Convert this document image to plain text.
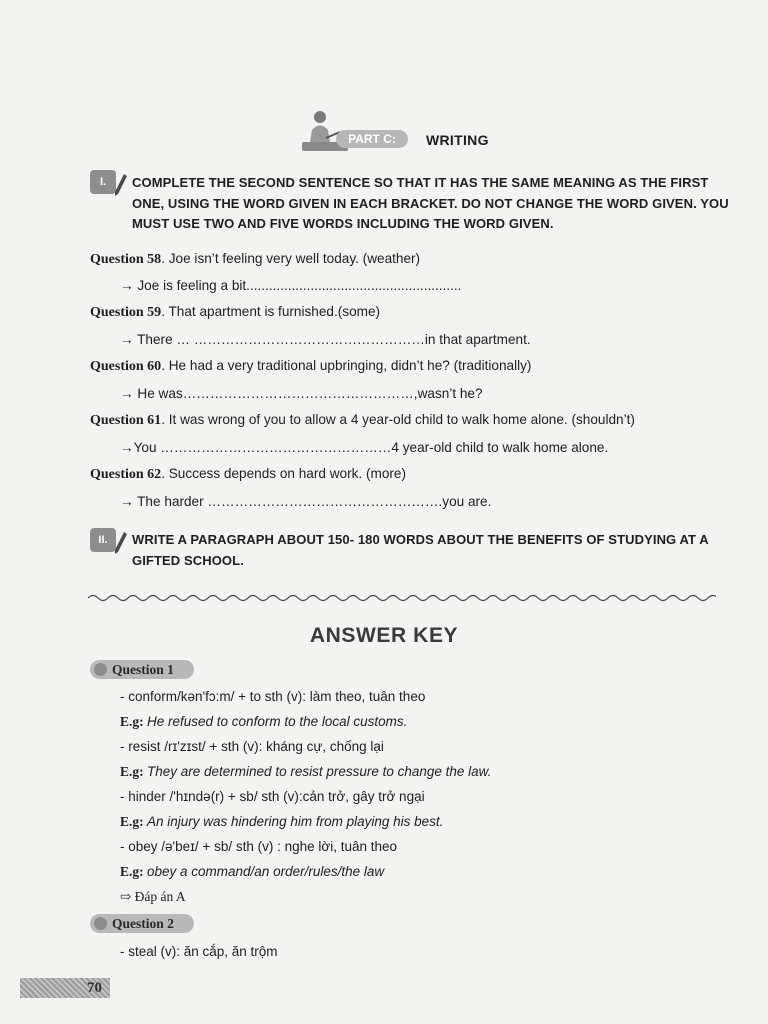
PART C:	WRITING
I.	COMPLETE THE SECOND SENTENCE SO THAT IT HAS THE SAME MEANING AS THE FIRST
ONE, USING THE WORD GIVEN IN EACH BRACKET. DO NOT CHANGE THE WORD GIVEN. YOU
MUST USE TWO AND FIVE WORDS INCLUDING THE WORD GIVEN.
Question 58. Joe isn’t feeling very well today. (weather)
→ Joe is feeling a bit.........................................................
Question 59. That apartment is furnished.(some)
→ There … ……………………………………………in that apartment.
Question 60. He had a very traditional upbringing, didn’t he? (traditionally)
→ He was……………………………………………,wasn’t he?
Question 61. It was wrong of you to allow a 4 year-old child to walk home alone. (shouldn’t)
→You ……………………………………………4 year-old child to walk home alone.
Question 62. Success depends on hard work. (more)
→ The harder …………………………………………….you are.
II.	WRITE A PARAGRAPH ABOUT 150- 180 WORDS ABOUT THE BENEFITS OF STUDYING AT A
GIFTED SCHOOL.
ANSWER KEY
Question 1
- conform/kən'fɔ:m/ + to sth (v): làm theo, tuân theo
E.g: He refused to conform to the local customs.
- resist /rɪ'zɪst/ + sth (v): kháng cự, chống lại
E.g: They are determined to resist pressure to change the law.
- hinder /'hɪndə(r) + sb/ sth (v):cản trở, gây trở ngại
E.g: An injury was hindering him from playing his best.
- obey /ə'beɪ/ + sb/ sth (v) : nghe lời, tuân theo
E.g: obey a command/an order/rules/the law
⇨ Đáp án A
Question 2
- steal (v): ăn cắp, ăn trộm
70
